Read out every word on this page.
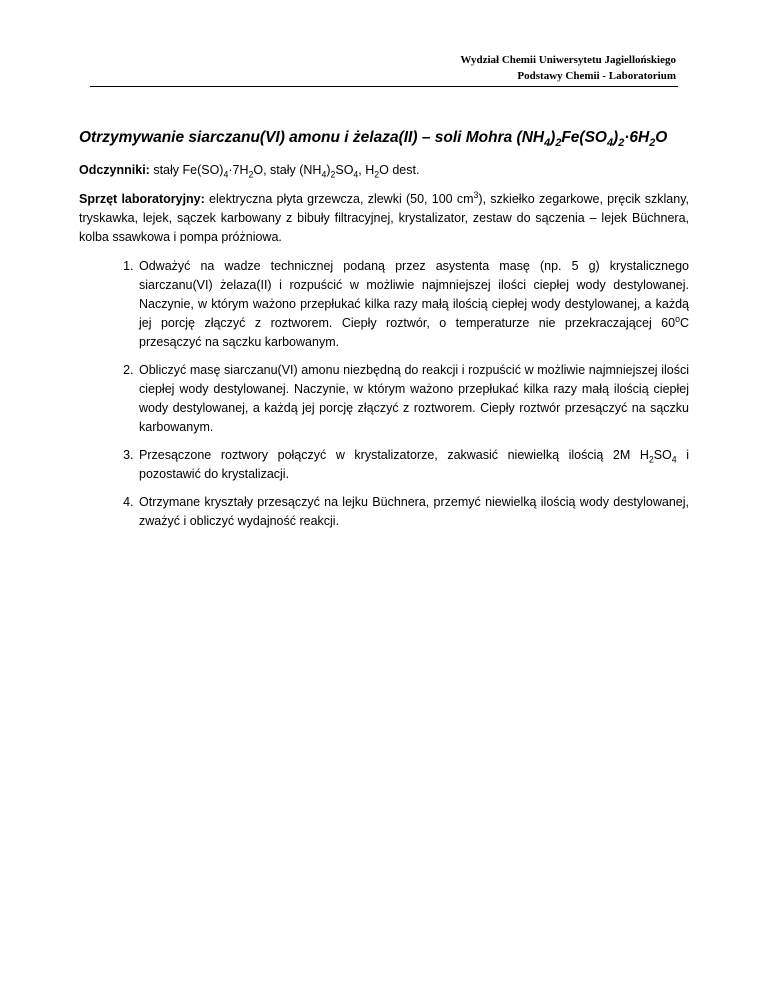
Wydział Chemii Uniwersytetu Jagiellońskiego
Podstawy Chemii - Laboratorium
Otrzymywanie siarczanu(VI) amonu i żelaza(II) – soli Mohra $(NH_4)_2Fe(SO_4)_2\cdot 6H_2O$
Odczynniki: stały $Fe(SO)_4\cdot 7H_2O$, stały $(NH_4)_2SO_4$, $H_2O$ dest.
Sprzęt laboratoryjny: elektryczna płyta grzewcza, zlewki (50, 100 $cm^3$), szkiełko zegarkowe, pręcik szklany, tryskawka, lejek, sączek karbowany z bibuły filtracyjnej, krystalizator, zestaw do sączenia – lejek Büchnera, kolba ssawkowa i pompa próżniowa.
1. Odważyć na wadze technicznej podaną przez asystenta masę (np. 5 g) krystalicznego siarczanu(VI) żelaza(II) i rozpuścić w możliwie najmniejszej ilości ciepłej wody destylowanej. Naczynie, w którym ważono przepłukać kilka razy małą ilością ciepłej wody destylowanej, a każdą jej porcję złączyć z roztworem. Ciepły roztwór, o temperaturze nie przekraczającej 60$^o$C przesączyć na sączku karbowanym.
2. Obliczyć masę siarczanu(VI) amonu niezbędną do reakcji i rozpuścić w możliwie najmniejszej ilości ciepłej wody destylowanej. Naczynie, w którym ważono przepłukać kilka razy małą ilością ciepłej wody destylowanej, a każdą jej porcję złączyć z roztworem. Ciepły roztwór przesączyć na sączku karbowanym.
3. Przesączone roztwory połączyć w krystalizatorze, zakwasić niewielką ilością 2M $H_2SO_4$ i pozostawić do krystalizacji.
4. Otrzymane kryształy przesączyć na lejku Büchnera, przemyć niewielką ilością wody destylowanej, zważyć i obliczyć wydajność reakcji.
